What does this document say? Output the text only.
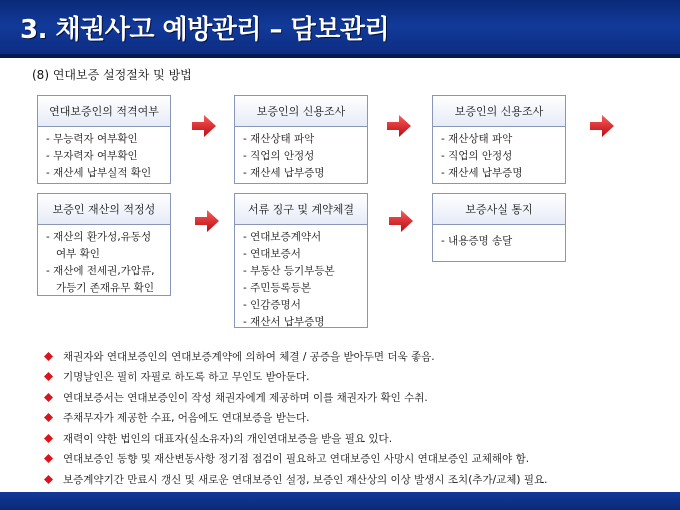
3. 채권사고 예방관리 – 담보관리
(8) 연대보증 설정절차 및 방법
연대보증인의 적격여부
- 무능력자 여부확인
- 무자력자 여부확인
- 재산세 납부실적 확인
보증인의 신용조사
- 재산상태 파악
- 직업의 안정성
- 재산세 납부증명
보증인의 신용조사
- 재산상태 파악
- 직업의 안정성
- 재산세 납부증명
보증인 재산의 적정성
- 재산의 환가성,유동성
여부 확인
- 재산에 전세권,가압류,
가등기 존재유무 확인
서류 징구 및 계약체결
- 연대보증계약서
- 연대보증서
- 부동산 등기부등본
- 주민등록등본
- 인감증명서
- 재산서 납부증명
보증사실 통지
- 내용증명 송달
채권자와 연대보증인의 연대보증계약에 의하여 체결 / 공증을 받아두면 더욱 좋음.
기명날인은 필히 자필로 하도록 하고 무인도 받아둔다.
연대보증서는 연대보증인이 작성 채권자에게 제공하며 이를 채권자가 확인 수취.
주채무자가 제공한 수표, 어음에도 연대보증을 받는다.
재력이 약한 법인의 대표자(실소유자)의 개인연대보증을 받을 필요 있다.
연대보증인 동향 및 재산변동사항 정기점 점검이 필요하고 연대보증인 사망시 연대보증인 교체해야 함.
보증계약기간 만료시 갱신 및 새로운 연대보증인 설정, 보증인 재산상의 이상 발생시 조치(추가/교체) 필요.
